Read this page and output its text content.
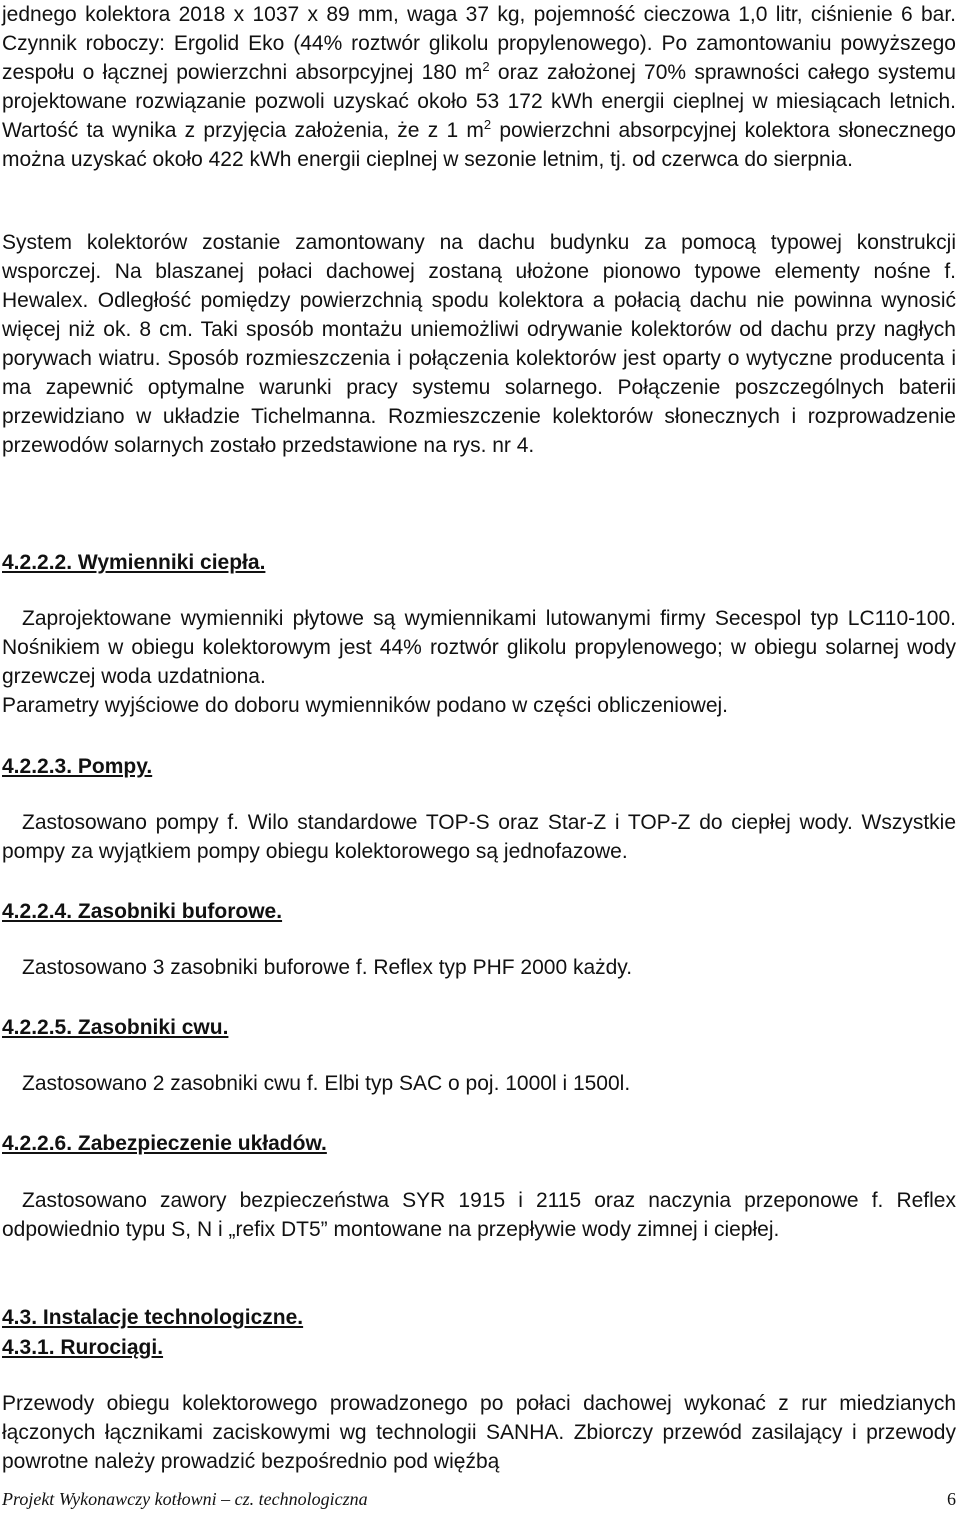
jednego kolektora 2018 x 1037 x 89 mm, waga 37 kg, pojemność cieczowa 1,0 litr, ciśnienie 6 bar. Czynnik roboczy: Ergolid Eko (44% roztwór glikolu propylenowego). Po zamontowaniu powyższego zespołu o łącznej powierzchni absorpcyjnej 180 $m^2$ oraz założonej 70% sprawności całego systemu projektowane rozwiązanie pozwoli uzyskać około 53 172 kWh energii cieplnej w miesiącach letnich. Wartość ta wynika z przyjęcia założenia, że z 1 $m^2$ powierzchni absorpcyjnej kolektora słonecznego można uzyskać około 422 kWh energii cieplnej w sezonie letnim, tj. od czerwca do sierpnia.

System kolektorów zostanie zamontowany na dachu budynku za pomocą typowej konstrukcji wsporczej. Na blaszanej połaci dachowej zostaną ułożone pionowo typowe elementy nośne f. Hewalex. Odległość pomiędzy powierzchnią spodu kolektora a połacią dachu nie powinna wynosić więcej niż ok. 8 cm. Taki sposób montażu uniemożliwi odrywanie kolektorów od dachu przy nagłych porywach wiatru. Sposób rozmieszczenia i połączenia kolektorów jest oparty o wytyczne producenta i ma zapewnić optymalne warunki pracy systemu solarnego. Połączenie poszczególnych baterii przewidziano w układzie Tichelmanna. Rozmieszczenie kolektorów słonecznych i rozprowadzenie przewodów solarnych zostało przedstawione na rys. nr 4.

4.2.2.2. Wymienniki ciepła.

Zaprojektowane wymienniki płytowe są wymiennikami lutowanymi firmy Secespol typ LC110-100. Nośnikiem w obiegu kolektorowym jest 44% roztwór glikolu propylenowego; w obiegu solarnej wody grzewczej woda uzdatniona.

Parametry wyjściowe do doboru wymienników podano w części obliczeniowej.

4.2.2.3. Pompy.

Zastosowano pompy f. Wilo standardowe TOP-S oraz Star-Z i TOP-Z do ciepłej wody. Wszystkie pompy za wyjątkiem pompy obiegu kolektorowego są jednofazowe.

4.2.2.4. Zasobniki buforowe.

Zastosowano 3 zasobniki buforowe f. Reflex typ PHF 2000 każdy.

4.2.2.5. Zasobniki cwu.

Zastosowano 2 zasobniki cwu f. Elbi typ SAC o poj. 1000l i 1500l.

4.2.2.6. Zabezpieczenie układów.

Zastosowano zawory bezpieczeństwa SYR 1915 i 2115 oraz naczynia przeponowe f. Reflex odpowiednio typu S, N i „refix DT5” montowane na przepływie wody zimnej i ciepłej.

4.3. Instalacje technologiczne.
4.3.1. Rurociągi.

Przewody obiegu kolektorowego prowadzonego po połaci dachowej wykonać z rur miedzianych łączonych łącznikami zaciskowymi wg technologii SANHA. Zbiorczy przewód zasilający i przewody powrotne należy prowadzić bezpośrednio pod więźbą

Projekt Wykonawczy kotłowni – cz. technologiczna	6
